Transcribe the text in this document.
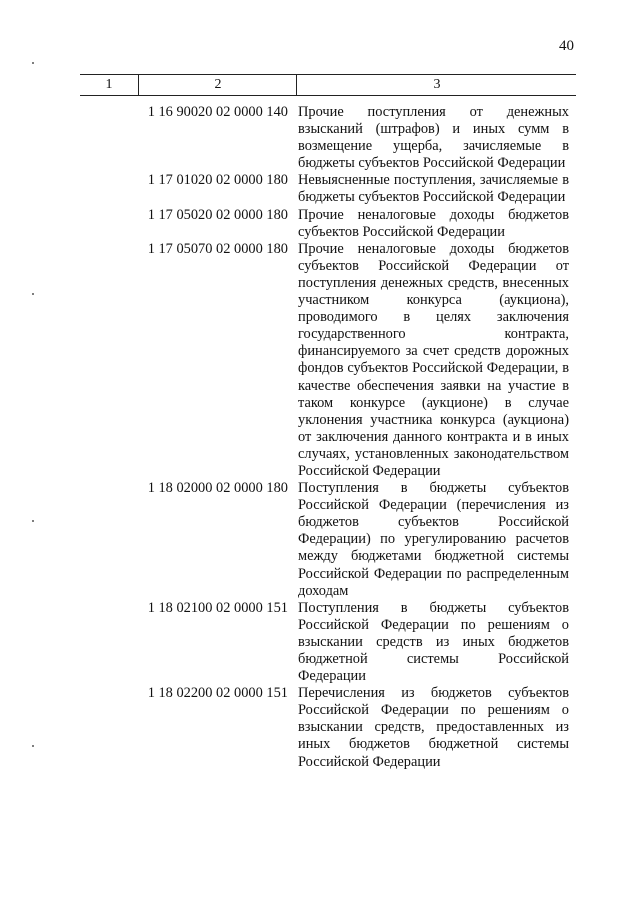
40
1	2	3
1 16 90020 02 0000 140 Прочие поступления от денежных взысканий (штрафов) и иных сумм в возмещение ущерба, зачисляемые в бюджеты субъектов Российской Федерации
1 17 01020 02 0000 180 Невыясненные поступления, зачисляемые в бюджеты субъектов Российской Федерации
1 17 05020 02 0000 180 Прочие неналоговые доходы бюджетов субъектов Российской Федерации
1 17 05070 02 0000 180 Прочие неналоговые доходы бюджетов субъектов Российской Федерации от поступления денежных средств, внесенных участником конкурса (аукциона), проводимого в целях заключения государственного контракта, финансируемого за счет средств дорожных фондов субъектов Российской Федерации, в качестве обеспечения заявки на участие в таком конкурсе (аукционе) в случае уклонения участника конкурса (аукциона) от заключения данного контракта и в иных случаях, установленных законодательством Российской Федерации
1 18 02000 02 0000 180 Поступления в бюджеты субъектов Российской Федерации (перечисления из бюджетов субъектов Российской Федерации) по урегулированию расчетов между бюджетами бюджетной системы Российской Федерации по распределенным доходам
1 18 02100 02 0000 151 Поступления в бюджеты субъектов Российской Федерации по решениям о взыскании средств из иных бюджетов бюджетной системы Российской Федерации
1 18 02200 02 0000 151 Перечисления из бюджетов субъектов Российской Федерации по решениям о взыскании средств, предоставленных из иных бюджетов бюджетной системы Российской Федерации
